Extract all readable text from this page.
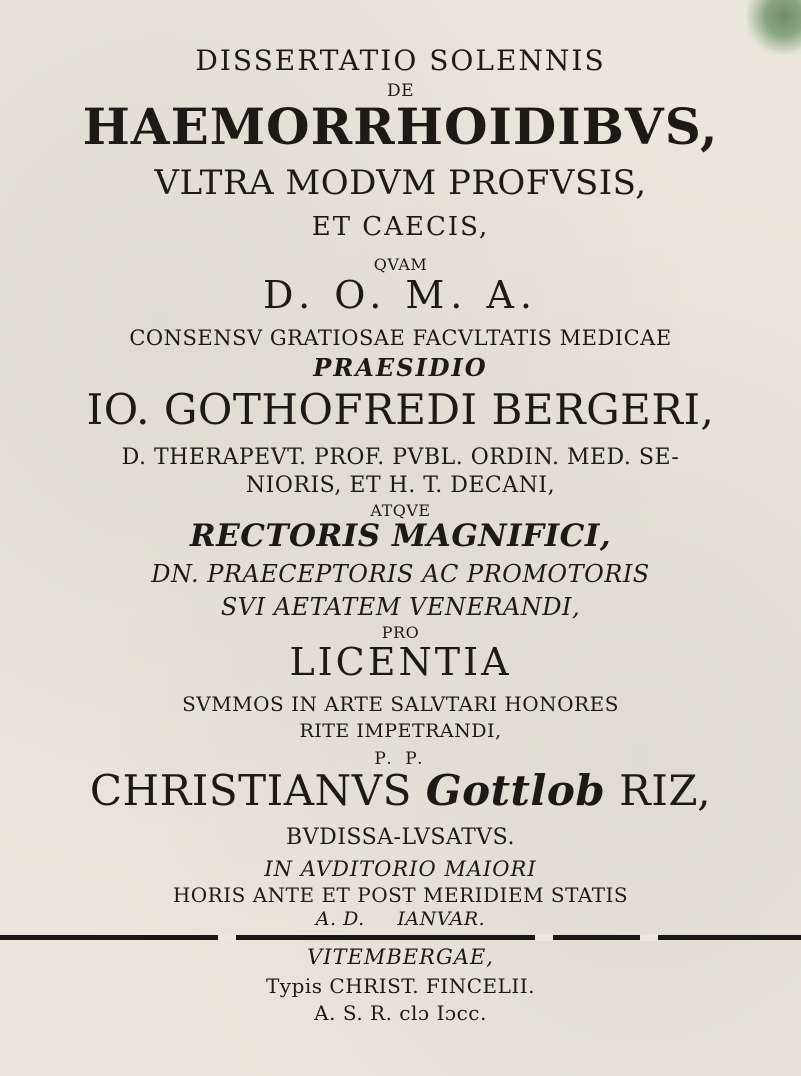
DISSERTATIO SOLENNIS
DE
HAEMORRHOIDIBVS,
VLTRA MODVM PROFVSIS,
ET CAECIS,
QVAM
D. O. M. A.
CONSENSV GRATIOSAE FACVLTATIS MEDICAE
PRAESIDIO
IO. GOTHOFREDI BERGERI,
D. THERAPEVT. PROF. PVBL. ORDIN. MED. SE-
NIORIS, ET H. T. DECANI,
ATQVE
RECTORIS MAGNIFICI,
DN. PRAECEPTORIS AC PROMOTORIS
SVI AETATEM VENERANDI,
PRO
LICENTIA
SVMMOS IN ARTE SALVTARI HONORES
RITE IMPETRANDI,
P. P.
CHRISTIANVS Gottlob RIZ,
BVDISSA-LVSATVS.
IN AVDITORIO MAIORI
HORIS ANTE ET POST MERIDIEM STATIS
A. D.     IANVAR.
VITEMBERGAE,
Typis CHRIST. FINCELII.
A. S. R. clɔ Iɔcc.
